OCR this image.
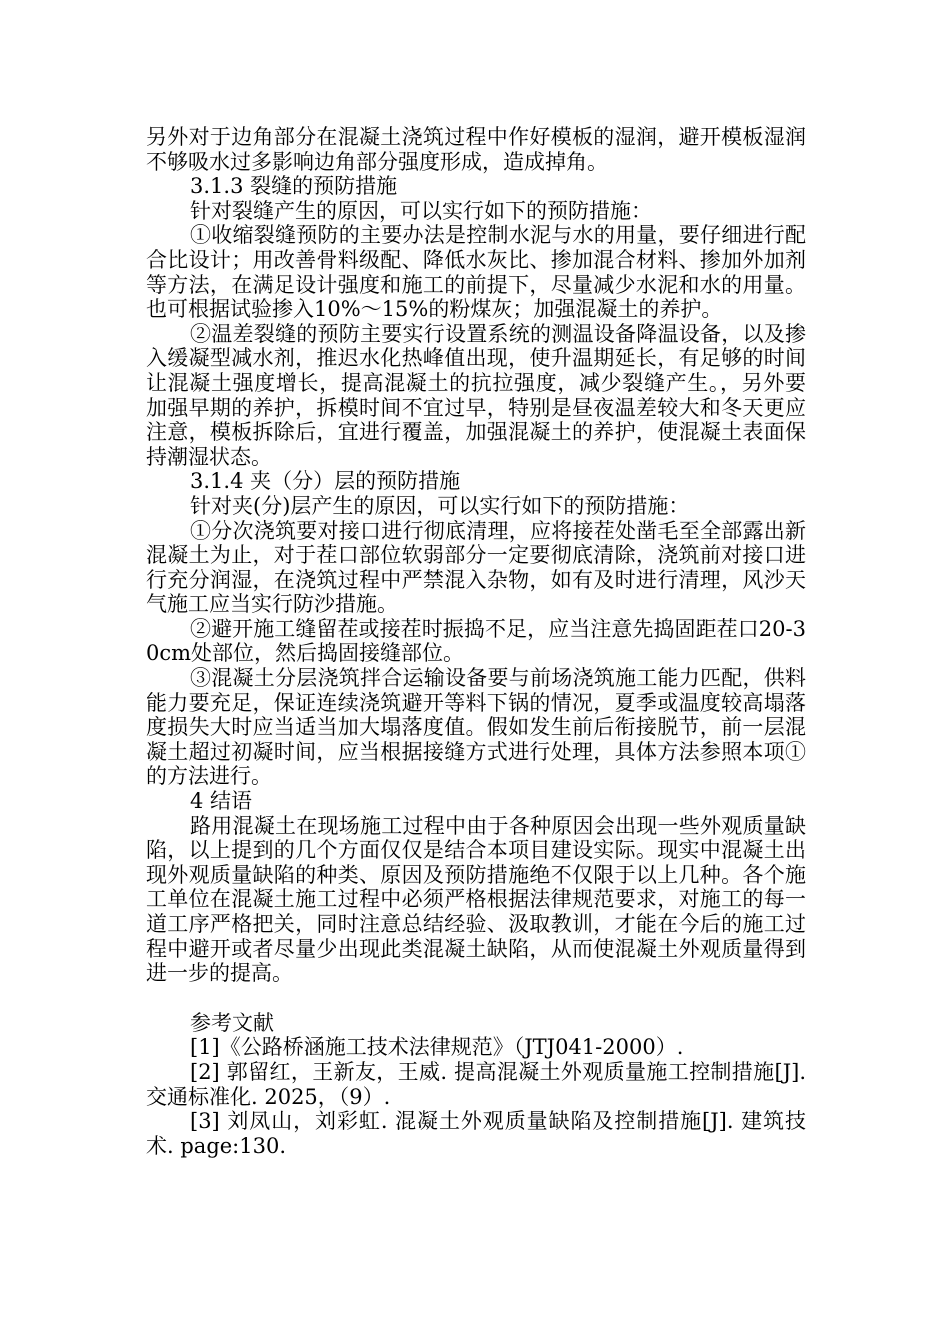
另外对于边角部分在混凝土浇筑过程中作好模板的湿润，避开模板湿润不够吸水过多影响边角部分强度形成，造成掉角。

3.1.3 裂缝的预防措施

针对裂缝产生的原因，可以实行如下的预防措施：

①收缩裂缝预防的主要办法是控制水泥与水的用量，要仔细进行配合比设计；用改善骨料级配、降低水灰比、掺加混合材料、掺加外加剂等方法，在满足设计强度和施工的前提下，尽量减少水泥和水的用量。也可根据试验掺入10%～15%的粉煤灰；加强混凝土的养护。

②温差裂缝的预防主要实行设置系统的测温设备降温设备，以及掺入缓凝型减水剂，推迟水化热峰值出现，使升温期延长，有足够的时间让混凝土强度增长，提高混凝土的抗拉强度，减少裂缝产生。，另外要加强早期的养护，拆模时间不宜过早，特别是昼夜温差较大和冬天更应注意，模板拆除后，宜进行覆盖，加强混凝土的养护，使混凝土表面保持潮湿状态。

3.1.4 夹（分）层的预防措施

针对夹(分)层产生的原因，可以实行如下的预防措施：

①分次浇筑要对接口进行彻底清理，应将接茬处凿毛至全部露出新混凝土为止，对于茬口部位软弱部分一定要彻底清除，浇筑前对接口进行充分润湿，在浇筑过程中严禁混入杂物，如有及时进行清理，风沙天气施工应当实行防沙措施。

②避开施工缝留茬或接茬时振捣不足，应当注意先捣固距茬口20-30cm处部位，然后捣固接缝部位。

③混凝土分层浇筑拌合运输设备要与前场浇筑施工能力匹配，供料能力要充足，保证连续浇筑避开等料下锅的情况，夏季或温度较高塌落度损失大时应当适当加大塌落度值。假如发生前后衔接脱节，前一层混凝土超过初凝时间，应当根据接缝方式进行处理，具体方法参照本项①的方法进行。

4 结语

路用混凝土在现场施工过程中由于各种原因会出现一些外观质量缺陷，以上提到的几个方面仅仅是结合本项目建设实际。现实中混凝土出现外观质量缺陷的种类、原因及预防措施绝不仅限于以上几种。各个施工单位在混凝土施工过程中必须严格根据法律规范要求，对施工的每一道工序严格把关，同时注意总结经验、汲取教训，才能在今后的施工过程中避开或者尽量少出现此类混凝土缺陷，从而使混凝土外观质量得到进一步的提高。

参考文献

[1]《公路桥涵施工技术法律规范》（JTJ041-2000）.

[2] 郭留红，王新友，王威. 提高混凝土外观质量施工控制措施[J]. 交通标准化. 2025，（9）.

[3] 刘凤山，刘彩虹. 混凝土外观质量缺陷及控制措施[J]. 建筑技术. page:130.
